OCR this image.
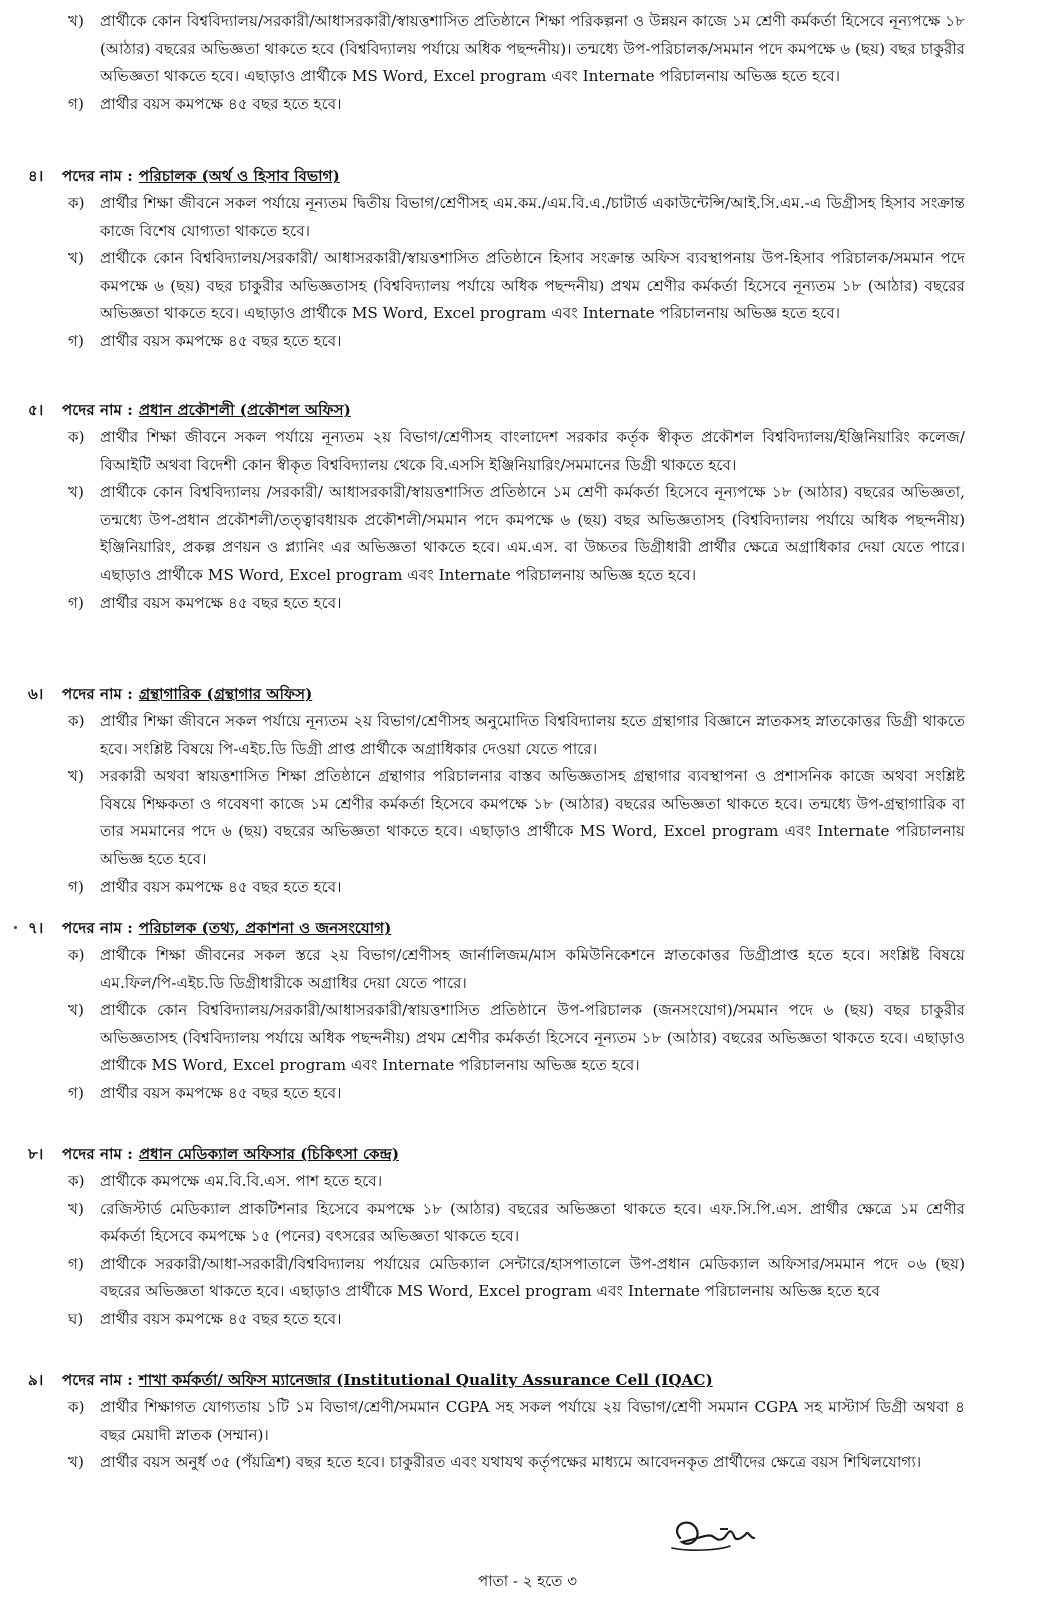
খ)	প্রার্থীকে কোন বিশ্ববিদ্যালয়/সরকারী/আধাসরকারী/স্বায়ত্তশাসিত প্রতিষ্ঠানে শিক্ষা পরিকল্পনা ও উন্নয়ন কাজে ১ম শ্রেণী কর্মকর্তা হিসেবে নূন্যপক্ষে ১৮ (আঠার) বছরের অভিজ্ঞতা থাকতে হবে (বিশ্ববিদ্যালয় পর্যায়ে অধিক পছন্দনীয়)। তন্মধ্যে উপ-পরিচালক/সমমান পদে কমপক্ষে ৬ (ছয়) বছর চাকুরীর অভিজ্ঞতা থাকতে হবে। এছাড়াও প্রার্থীকে MS Word, Excel program এবং Internate পরিচালনায় অভিজ্ঞ হতে হবে।
গ)	প্রার্থীর বয়স কমপক্ষে ৪৫ বছর হতে হবে।
৪। পদের নাম : পরিচালক (অর্থ ও হিসাব বিভাগ)
ক)	প্রার্থীর শিক্ষা জীবনে সকল পর্যায়ে নূন্যতম দ্বিতীয় বিভাগ/শ্রেণীসহ এম.কম./এম.বি.এ./চাটার্ড একাউন্টেন্সি/আই.সি.এম.-এ ডিগ্রীসহ হিসাব সংক্রান্ত কাজে বিশেষ যোগ্যতা থাকতে হবে।
খ)	প্রার্থীকে কোন বিশ্ববিদ্যালয়/সরকারী/ আধাসরকারী/স্বায়ত্তশাসিত প্রতিষ্ঠানে হিসাব সংক্রান্ত অফিস ব্যবস্থাপনায় উপ-হিসাব পরিচালক/সমমান পদে কমপক্ষে ৬ (ছয়) বছর চাকুরীর অভিজ্ঞতাসহ (বিশ্ববিদ্যালয় পর্যায়ে অধিক পছন্দনীয়) প্রথম শ্রেণীর কর্মকর্তা হিসেবে নূন্যতম ১৮ (আঠার) বছরের অভিজ্ঞতা থাকতে হবে। এছাড়াও প্রার্থীকে MS Word, Excel program এবং Internate পরিচালনায় অভিজ্ঞ হতে হবে।
গ)	প্রার্থীর বয়স কমপক্ষে ৪৫ বছর হতে হবে।
৫। পদের নাম : প্রধান প্রকৌশলী (প্রকৌশল অফিস)
ক)	প্রার্থীর শিক্ষা জীবনে সকল পর্যায়ে নূন্যতম ২য় বিভাগ/শ্রেণীসহ বাংলাদেশ সরকার কর্তৃক স্বীকৃত প্রকৌশল বিশ্ববিদ্যালয়/ইঞ্জিনিয়ারিং কলেজ/বিআইটি অথবা বিদেশী কোন স্বীকৃত বিশ্ববিদ্যালয় থেকে বি.এসসি ইঞ্জিনিয়ারিং/সমমানের ডিগ্রী থাকতে হবে।
খ)	প্রার্থীকে কোন বিশ্ববিদ্যালয় /সরকারী/ আধাসরকারী/স্বায়ত্তশাসিত প্রতিষ্ঠানে ১ম শ্রেণী কর্মকর্তা হিসেবে নূন্যপক্ষে ১৮ (আঠার) বছরের অভিজ্ঞতা, তন্মধ্যে উপ-প্রধান প্রকৌশলী/তত্ত্বাবধায়ক প্রকৌশলী/সমমান পদে কমপক্ষে ৬ (ছয়) বছর অভিজ্ঞতাসহ (বিশ্ববিদ্যালয় পর্যায়ে অধিক পছন্দনীয়) ইঞ্জিনিয়ারিং, প্রকল্প প্রণয়ন ও প্ল্যানিং এর অভিজ্ঞতা থাকতে হবে। এম.এস. বা উচ্চতর ডিগ্রীধারী প্রার্থীর ক্ষেত্রে অগ্রাধিকার দেয়া যেতে পারে। এছাড়াও প্রার্থীকে MS Word, Excel program এবং Internate পরিচালনায় অভিজ্ঞ হতে হবে।
গ)	প্রার্থীর বয়স কমপক্ষে ৪৫ বছর হতে হবে।
৬। পদের নাম : গ্রন্থাগারিক (গ্রন্থাগার অফিস)
ক)	প্রার্থীর শিক্ষা জীবনে সকল পর্যায়ে নূন্যতম ২য় বিভাগ/শ্রেণীসহ অনুমোদিত বিশ্ববিদ্যালয় হতে গ্রন্থাগার বিজ্ঞানে স্নাতকসহ স্নাতকোত্তর ডিগ্রী থাকতে হবে। সংশ্লিষ্ট বিষয়ে পি-এইচ.ডি ডিগ্রী প্রাপ্ত প্রার্থীকে অগ্রাধিকার দেওয়া যেতে পারে।
খ)	সরকারী অথবা স্বায়ত্তশাসিত শিক্ষা প্রতিষ্ঠানে গ্রন্থাগার পরিচালনার বাস্তব অভিজ্ঞতাসহ গ্রন্থাগার ব্যবস্থাপনা ও প্রশাসনিক কাজে অথবা সংশ্লিষ্ট বিষয়ে শিক্ষকতা ও গবেষণা কাজে ১ম শ্রেণীর কর্মকর্তা হিসেবে কমপক্ষে ১৮ (আঠার) বছরের অভিজ্ঞতা থাকতে হবে। তন্মধ্যে উপ-গ্রন্থাগারিক বা তার সমমানের পদে ৬ (ছয়) বছরের অভিজ্ঞতা থাকতে হবে। এছাড়াও প্রার্থীকে MS Word, Excel program এবং Internate পরিচালনায় অভিজ্ঞ হতে হবে।
গ)	প্রার্থীর বয়স কমপক্ষে ৪৫ বছর হতে হবে।
৭। পদের নাম : পরিচালক (তথ্য, প্রকাশনা ও জনসংযোগ)
ক)	প্রার্থীকে শিক্ষা জীবনের সকল স্তরে ২য় বিভাগ/শ্রেণীসহ জার্নালিজম/মাস কমিউনিকেশনে স্নাতকোত্তর ডিগ্রীপ্রাপ্ত হতে হবে। সংশ্লিষ্ট বিষয়ে এম.ফিল/পি-এইচ.ডি ডিগ্রীধারীকে অগ্রাধির দেয়া যেতে পারে।
খ)	প্রার্থীকে কোন বিশ্ববিদ্যালয়/সরকারী/আধাসরকারী/স্বায়ত্তশাসিত প্রতিষ্ঠানে উপ-পরিচালক (জনসংযোগ)/সমমান পদে ৬ (ছয়) বছর চাকুরীর অভিজ্ঞতাসহ (বিশ্ববিদ্যালয় পর্যায়ে অধিক পছন্দনীয়) প্রথম শ্রেণীর কর্মকর্তা হিসেবে নূন্যতম ১৮ (আঠার) বছরের অভিজ্ঞতা থাকতে হবে। এছাড়াও প্রার্থীকে MS Word, Excel program এবং Internate পরিচালনায় অভিজ্ঞ হতে হবে।
গ)	প্রার্থীর বয়স কমপক্ষে ৪৫ বছর হতে হবে।
৮। পদের নাম : প্রধান মেডিক্যাল অফিসার (চিকিৎসা কেন্দ্র)
ক)	প্রার্থীকে কমপক্ষে এম.বি.বি.এস. পাশ হতে হবে।
খ)	রেজিস্টার্ড মেডিক্যাল প্রাকটিশনার হিসেবে কমপক্ষে ১৮ (আঠার) বছরের অভিজ্ঞতা থাকতে হবে। এফ.সি.পি.এস. প্রার্থীর ক্ষেত্রে ১ম শ্রেণীর কর্মকর্তা হিসেবে কমপক্ষে ১৫ (পনের) বৎসরের অভিজ্ঞতা থাকতে হবে।
গ)	প্রার্থীকে সরকারী/আধা-সরকারী/বিশ্ববিদ্যালয় পর্যায়ের মেডিক্যাল সেন্টারে/হাসপাতালে উপ-প্রধান মেডিক্যাল অফিসার/সমমান পদে ০৬ (ছয়) বছরের অভিজ্ঞতা থাকতে হবে। এছাড়াও প্রার্থীকে MS Word, Excel program এবং Internate পরিচালনায় অভিজ্ঞ হতে হবে
ঘ)	প্রার্থীর বয়স কমপক্ষে ৪৫ বছর হতে হবে।
৯। পদের নাম : শাখা কর্মকর্তা/ অফিস ম্যানেজার (Institutional Quality Assurance Cell (IQAC)
ক)	প্রার্থীর শিক্ষাগত যোগ্যতায় ১টি ১ম বিভাগ/শ্রেণী/সমমান CGPA সহ সকল পর্যায়ে ২য় বিভাগ/শ্রেণী সমমান CGPA সহ মাস্টার্স ডিগ্রী অথবা ৪ বছর মেয়াদী স্নাতক (সম্মান)।
খ)	প্রার্থীর বয়স অনুর্ধ ৩৫ (পঁয়ত্রিশ) বছর হতে হবে। চাকুরীরত এবং যথাযথ কর্তৃপক্ষের মাধ্যমে আবেদনকৃত প্রার্থীদের ক্ষেত্রে বয়স শিথিলযোগ্য।
পাতা - ২ হতে ৩
